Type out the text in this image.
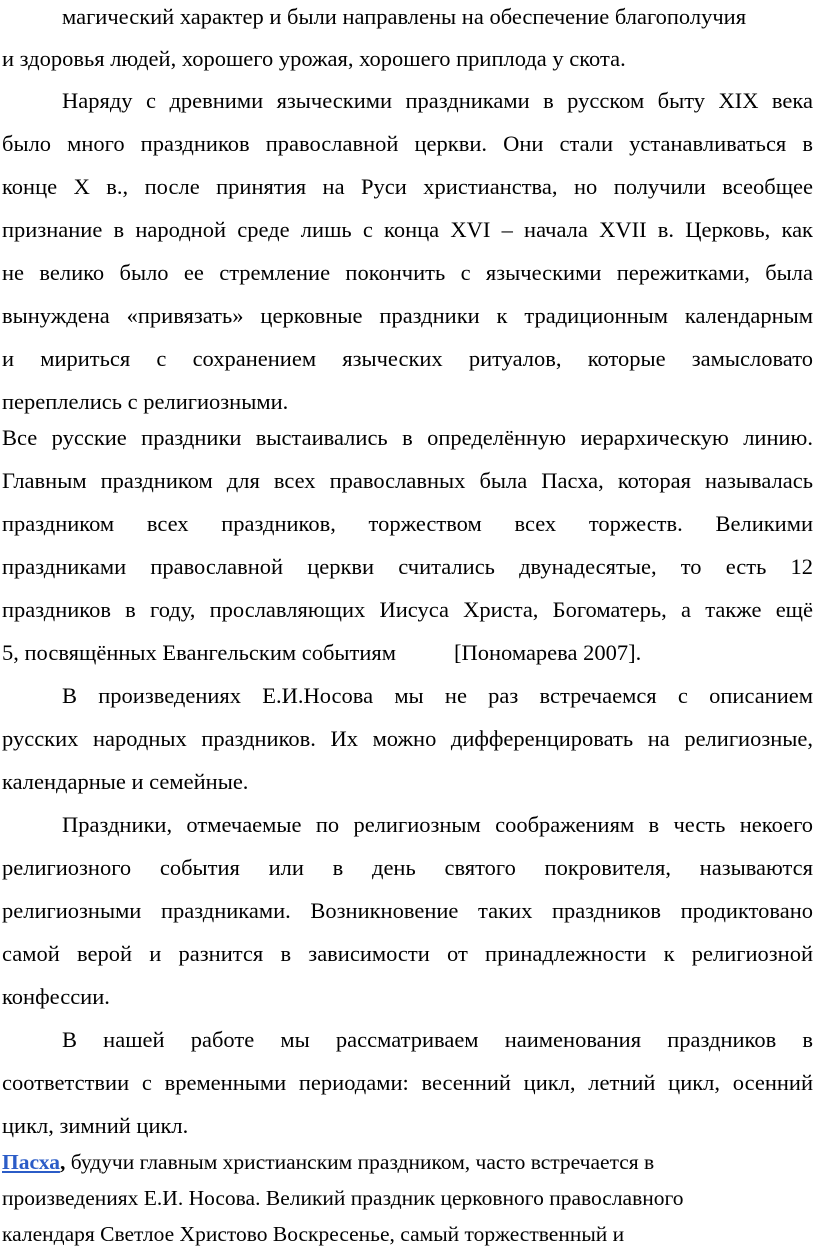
магический характер и были направлены на обеспечение благополучия
и здоровья людей, хорошего урожая, хорошего приплода у скота.
Наряду с древними языческими праздниками в русском быту XIX века
было много праздников православной церкви. Они стали устанавливаться в
конце X в., после принятия на Руси христианства, но получили всеобщее
признание в народной среде лишь с конца XVI – начала XVII в. Церковь, как
не велико было ее стремление покончить с языческими пережитками, была
вынуждена «привязать» церковные праздники к традиционным календарным
и мириться с сохранением языческих ритуалов, которые замысловато
переплелись с религиозными.
Все русские праздники выстаивались в определённую иерархическую линию.
Главным праздником для всех православных была Пасха, которая называлась
праздником всех праздников, торжеством всех торжеств. Великими
праздниками православной церкви считались двунадесятые, то есть 12
праздников в году, прославляющих Иисуса Христа, Богоматерь, а также ещё
5, посвящённых Евангельским событиям	[Пономарева 2007].
В произведениях Е.И.Носова мы не раз встречаемся с описанием
русских народных праздников. Их можно дифференцировать на религиозные,
календарные и семейные.
Праздники, отмечаемые по религиозным соображениям в честь некоего
религиозного события или в день святого покровителя, называются
религиозными праздниками. Возникновение таких праздников продиктовано
самой верой и разнится в зависимости от принадлежности к религиозной
конфессии.
В нашей работе мы рассматриваем наименования праздников в
соответствии с временными периодами: весенний цикл, летний цикл, осенний
цикл, зимний цикл.
Пасха, будучи главным христианским праздником, часто встречается в
произведениях Е.И. Носова. Великий праздник церковного православного
календаря Светлое Христово Воскресенье, самый торжественный и
